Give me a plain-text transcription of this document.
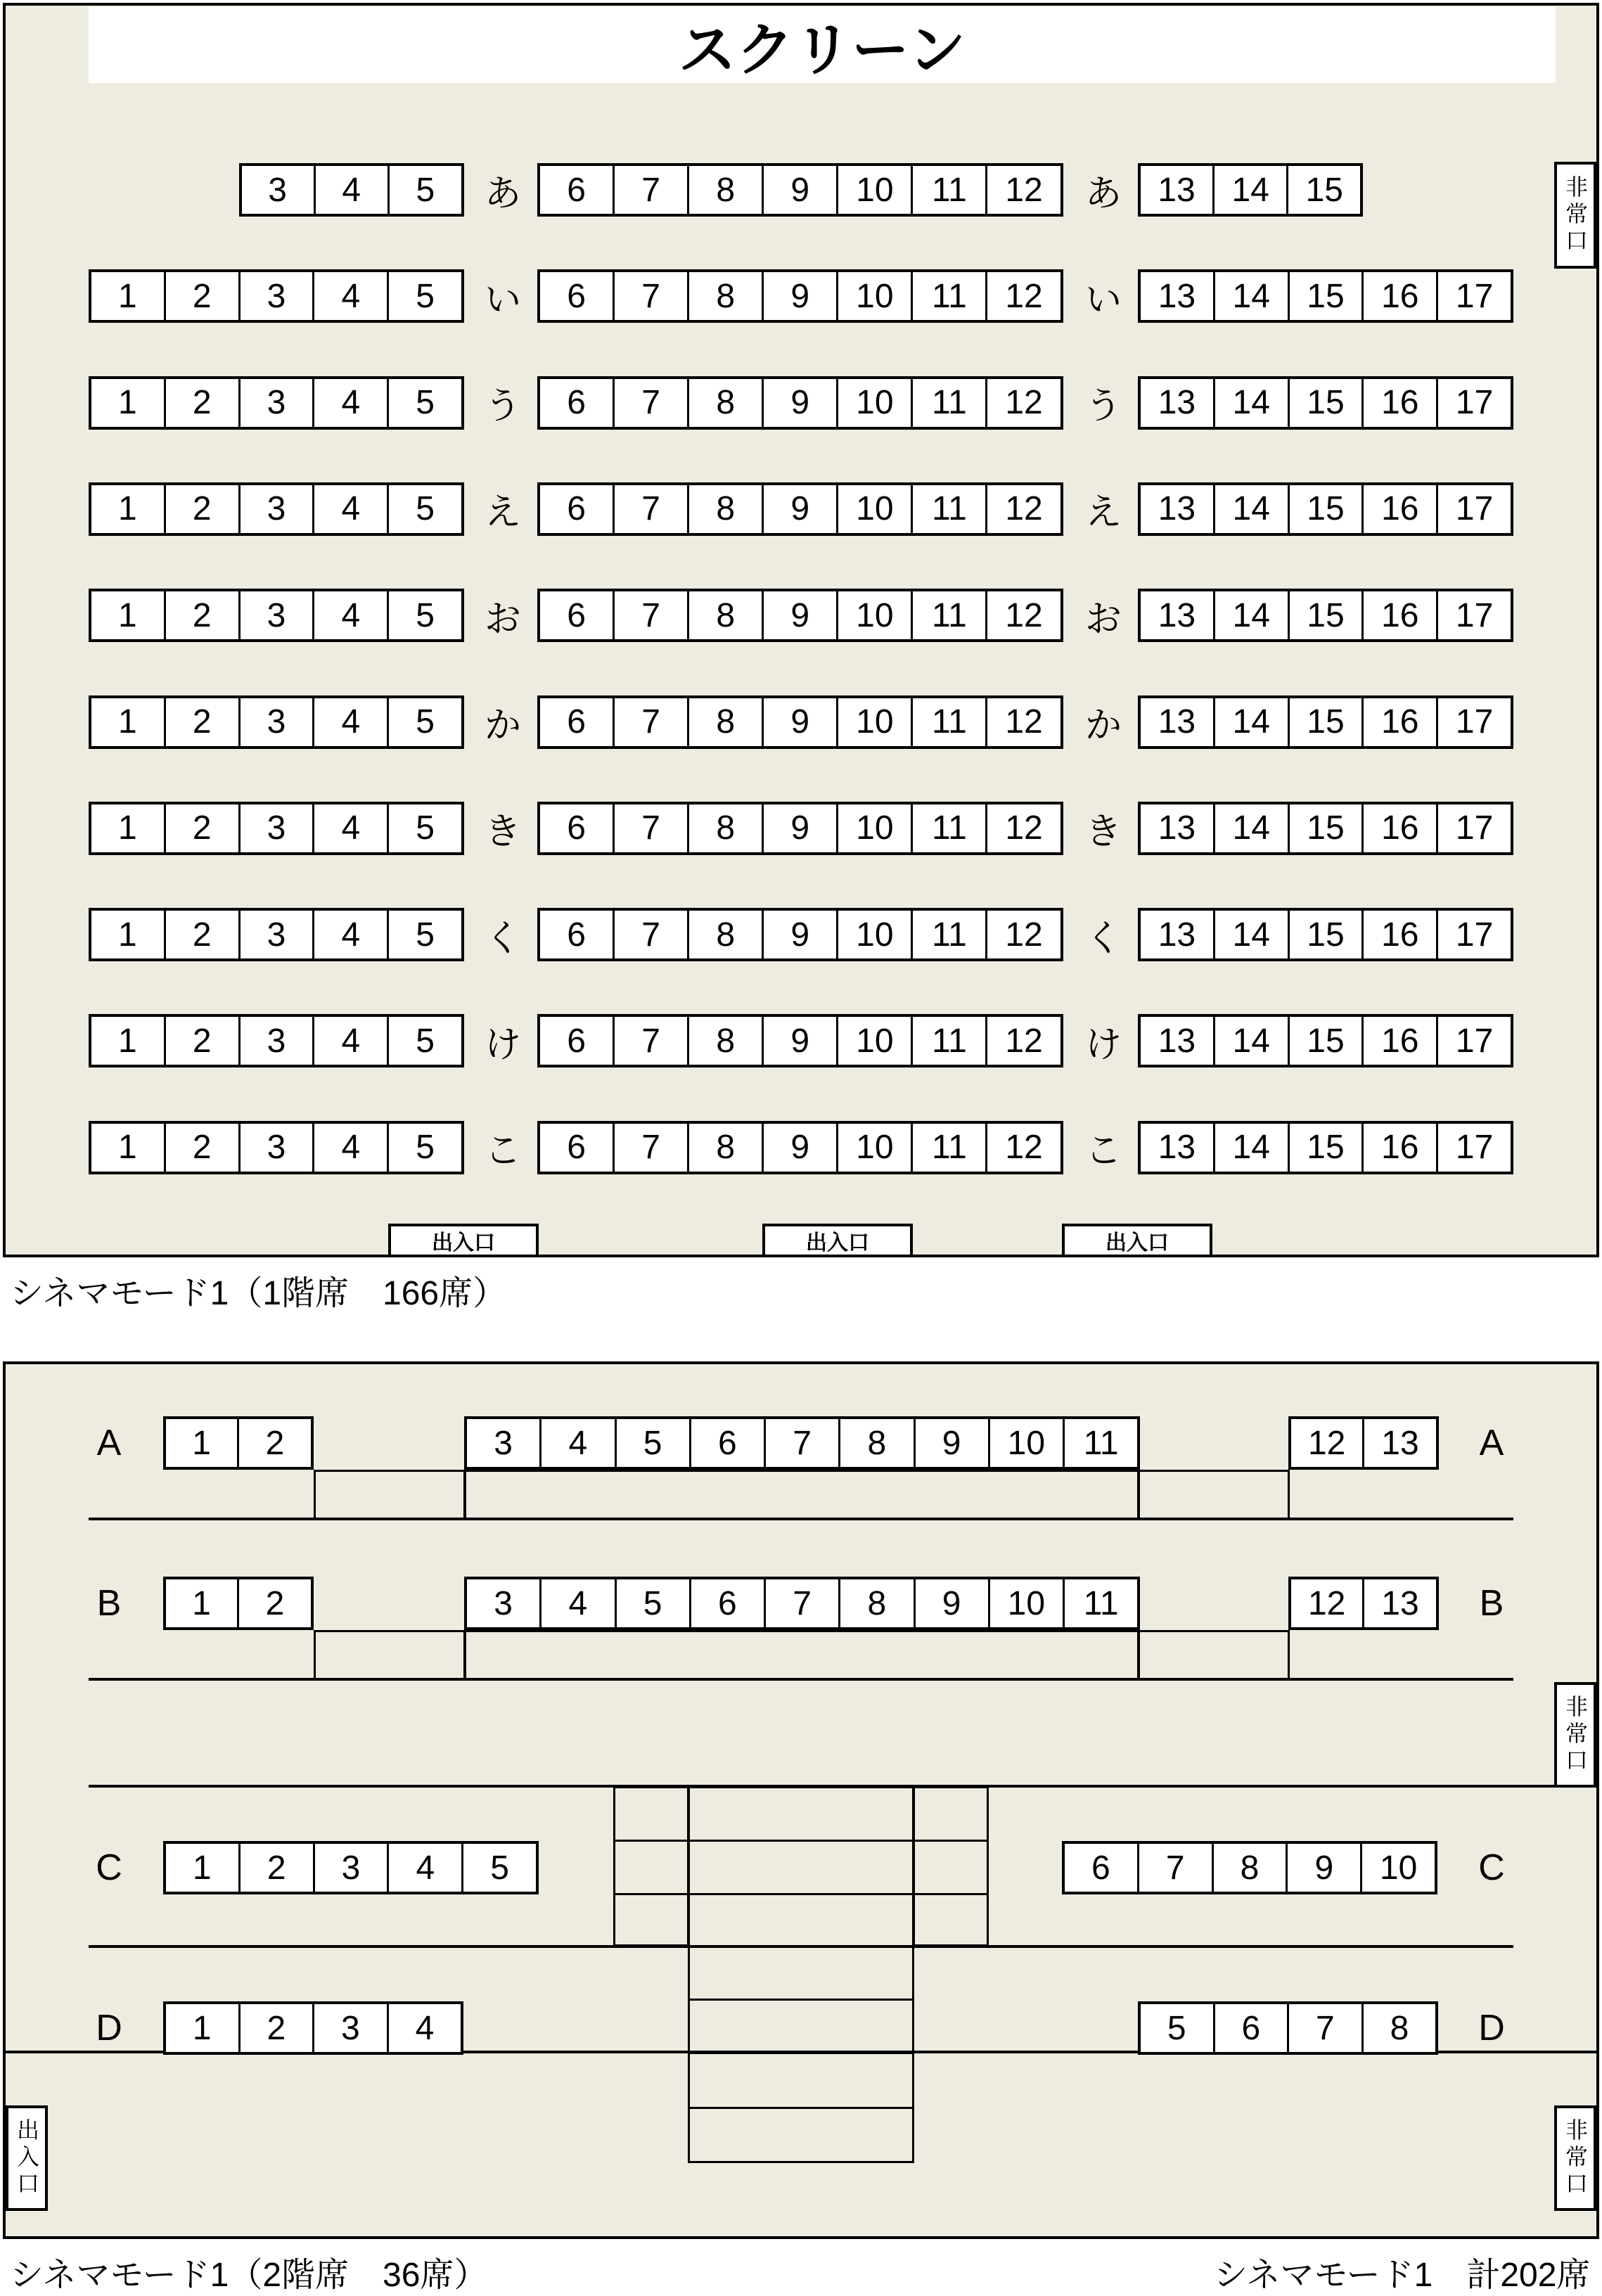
スクリーン
非常口
3	4	5	あ	6	7	8	9	10	11	12	あ	13	14	15
1	2	3	4	5	い	6	7	8	9	10	11	12	い	13	14	15	16	17
1	2	3	4	5	う	6	7	8	9	10	11	12	う	13	14	15	16	17
1	2	3	4	5	え	6	7	8	9	10	11	12	え	13	14	15	16	17
1	2	3	4	5	お	6	7	8	9	10	11	12	お	13	14	15	16	17
1	2	3	4	5	か	6	7	8	9	10	11	12	か	13	14	15	16	17
1	2	3	4	5	き	6	7	8	9	10	11	12	き	13	14	15	16	17
1	2	3	4	5	く	6	7	8	9	10	11	12	く	13	14	15	16	17
1	2	3	4	5	け	6	7	8	9	10	11	12	け	13	14	15	16	17
1	2	3	4	5	こ	6	7	8	9	10	11	12	こ	13	14	15	16	17
出入口	出入口	出入口
シネマモード1（1階席　166席）
A	1	2	3	4	5	6	7	8	9	10	11	12	13	A
B	1	2	3	4	5	6	7	8	9	10	11	12	13	B
C	1	2	3	4	5	6	7	8	9	10	C
D	1	2	3	4	5	6	7	8	D
非常口
出入口	非常口
シネマモード1（2階席　36席）	シネマモード1　計202席
